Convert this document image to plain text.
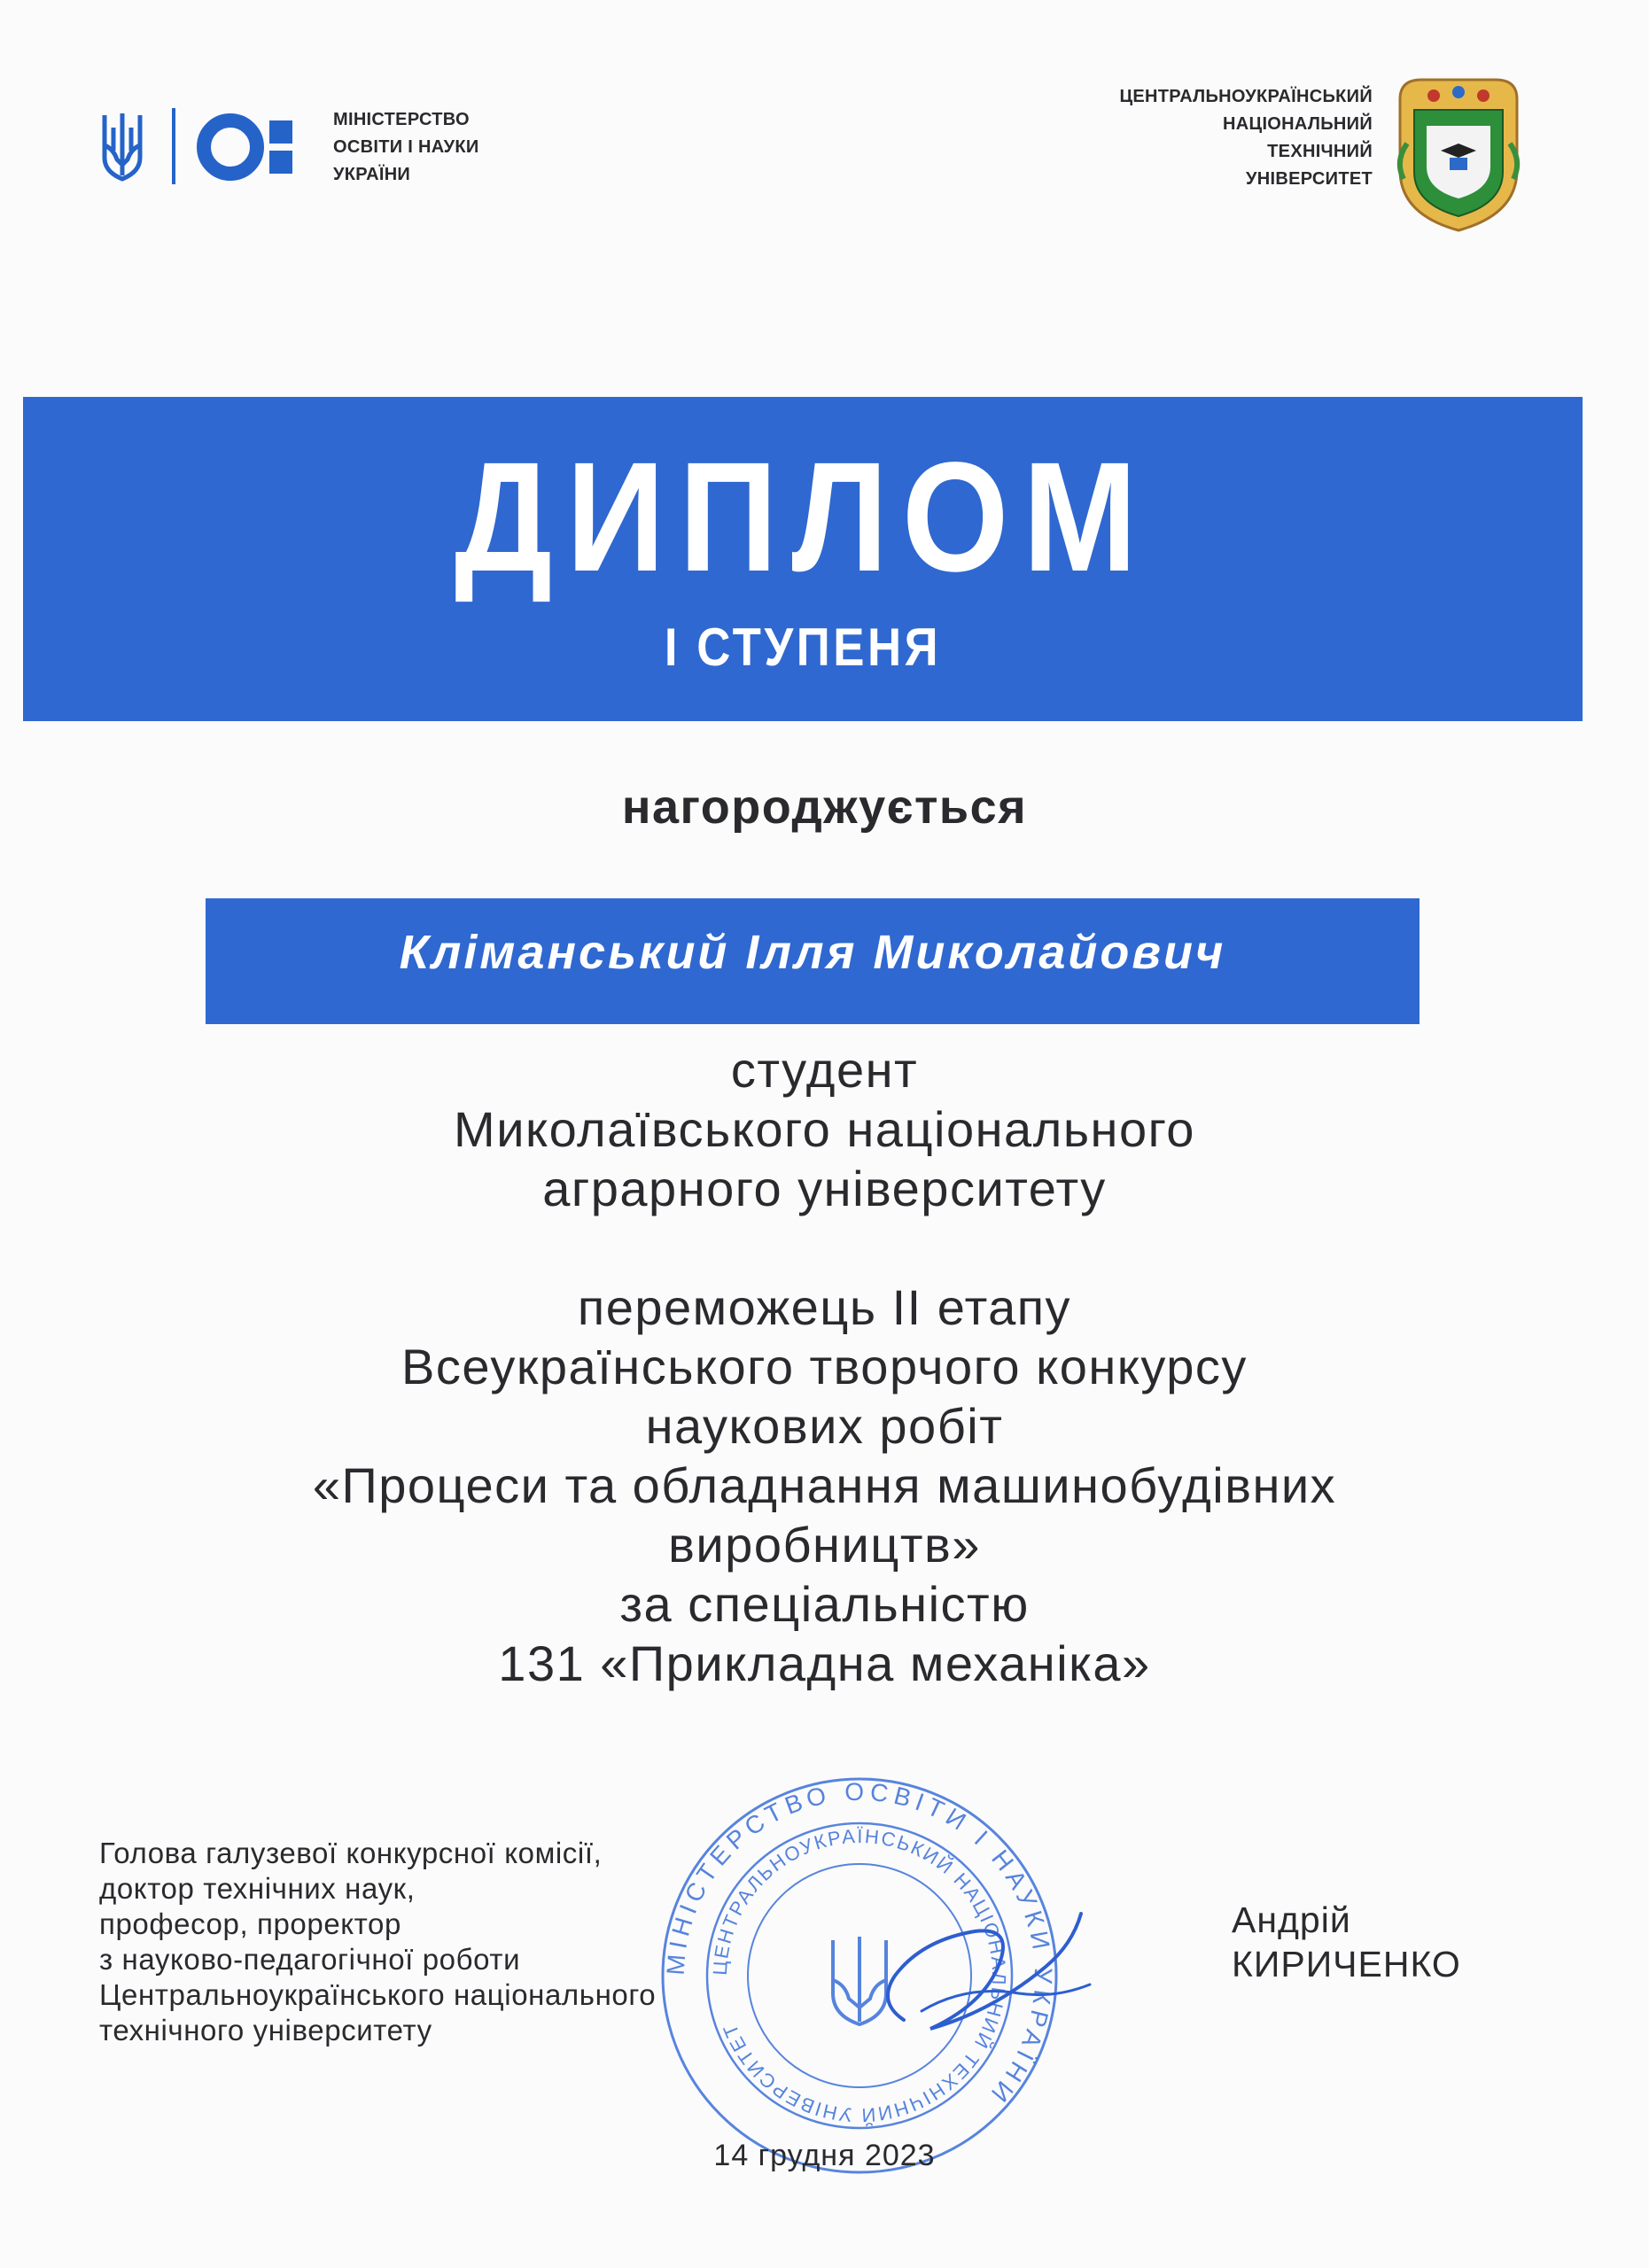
МІНІСТЕРСТВО
ОСВІТИ І НАУКИ
УКРАЇНИ
ЦЕНТРАЛЬНОУКРАЇНСЬКИЙ
НАЦІОНАЛЬНИЙ
ТЕХНІЧНИЙ
УНІВЕРСИТЕТ
ДИПЛОМ
І СТУПЕНЯ
нагороджується
Кліманський Ілля Миколайович
студент
Миколаївського національного
аграрного університету
переможець ІІ етапу
Всеукраїнського творчого конкурсу
наукових робіт
«Процеси та обладнання машинобудівних
виробництв»
за спеціальністю
131 «Прикладна механіка»
Голова галузевої конкурсної комісії,
доктор технічних наук,
професор, проректор
з науково-педагогічної роботи
Центральноукраїнського національного
технічного університету
МІНІСТЕРСТВО ОСВІТИ І НАУКИ УКРАЇНИ
ЦЕНТРАЛЬНОУКРАЇНСЬКИЙ НАЦІОНАЛЬНИЙ ТЕХНІЧНИЙ УНІВЕРСИТЕТ
Андрій
КИРИЧЕНКО
14 грудня 2023
